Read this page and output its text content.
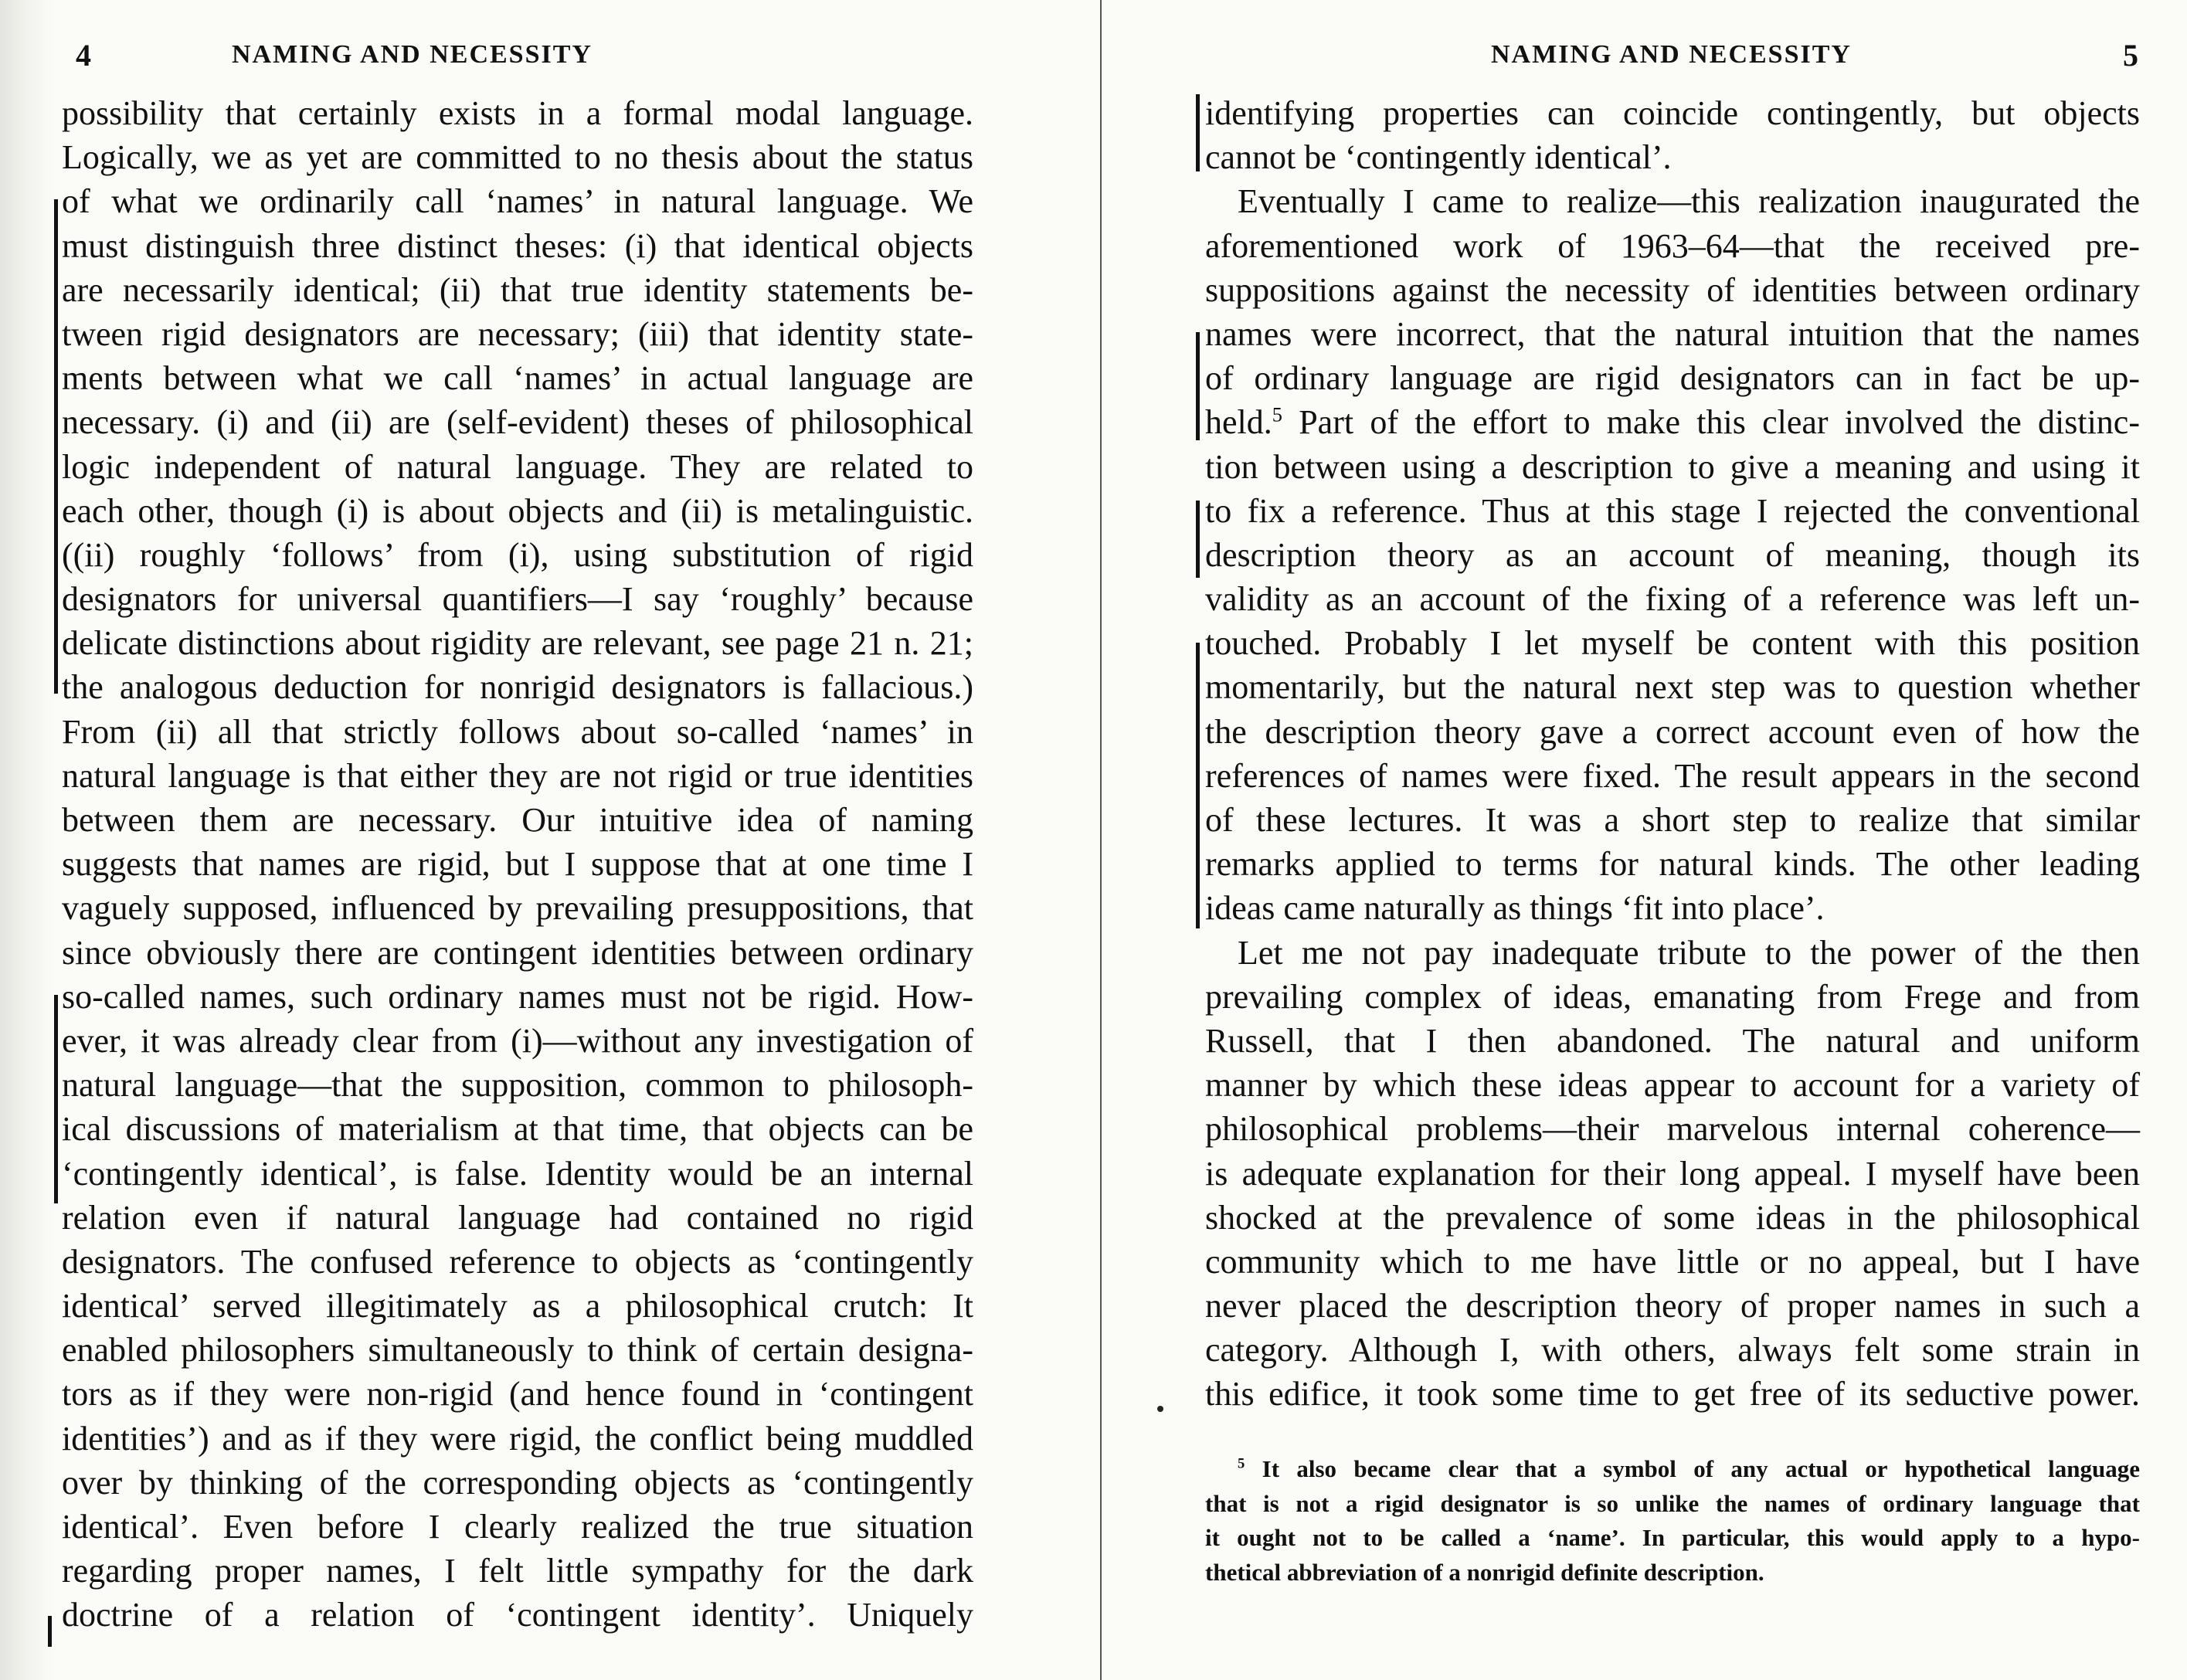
4	NAMING AND NECESSITY
possibility that certainly exists in a formal modal language.
Logically, we as yet are committed to no thesis about the status
of what we ordinarily call ‘names’ in natural language. We
must distinguish three distinct theses: (i) that identical objects
are necessarily identical; (ii) that true identity statements be-
tween rigid designators are necessary; (iii) that identity state-
ments between what we call ‘names’ in actual language are
necessary. (i) and (ii) are (self-evident) theses of philosophical
logic independent of natural language. They are related to
each other, though (i) is about objects and (ii) is metalinguistic.
((ii) roughly ‘follows’ from (i), using substitution of rigid
designators for universal quantifiers—I say ‘roughly’ because
delicate distinctions about rigidity are relevant, see page 21 n. 21;
the analogous deduction for nonrigid designators is fallacious.)
From (ii) all that strictly follows about so-called ‘names’ in
natural language is that either they are not rigid or true identities
between them are necessary. Our intuitive idea of naming
suggests that names are rigid, but I suppose that at one time I
vaguely supposed, influenced by prevailing presuppositions, that
since obviously there are contingent identities between ordinary
so-called names, such ordinary names must not be rigid. How-
ever, it was already clear from (i)—without any investigation of
natural language—that the supposition, common to philosoph-
ical discussions of materialism at that time, that objects can be
‘contingently identical’, is false. Identity would be an internal
relation even if natural language had contained no rigid
designators. The confused reference to objects as ‘contingently
identical’ served illegitimately as a philosophical crutch: It
enabled philosophers simultaneously to think of certain designa-
tors as if they were non-rigid (and hence found in ‘contingent
identities’) and as if they were rigid, the conflict being muddled
over by thinking of the corresponding objects as ‘contingently
identical’. Even before I clearly realized the true situation
regarding proper names, I felt little sympathy for the dark
doctrine of a relation of ‘contingent identity’. Uniquely
NAMING AND NECESSITY	5
identifying properties can coincide contingently, but objects
cannot be ‘contingently identical’.
Eventually I came to realize—this realization inaugurated the
aforementioned work of 1963–64—that the received pre-
suppositions against the necessity of identities between ordinary
names were incorrect, that the natural intuition that the names
of ordinary language are rigid designators can in fact be up-
held.$^5$ Part of the effort to make this clear involved the distinc-
tion between using a description to give a meaning and using it
to fix a reference. Thus at this stage I rejected the conventional
description theory as an account of meaning, though its
validity as an account of the fixing of a reference was left un-
touched. Probably I let myself be content with this position
momentarily, but the natural next step was to question whether
the description theory gave a correct account even of how the
references of names were fixed. The result appears in the second
of these lectures. It was a short step to realize that similar
remarks applied to terms for natural kinds. The other leading
ideas came naturally as things ‘fit into place’.
Let me not pay inadequate tribute to the power of the then
prevailing complex of ideas, emanating from Frege and from
Russell, that I then abandoned. The natural and uniform
manner by which these ideas appear to account for a variety of
philosophical problems—their marvelous internal coherence—
is adequate explanation for their long appeal. I myself have been
shocked at the prevalence of some ideas in the philosophical
community which to me have little or no appeal, but I have
never placed the description theory of proper names in such a
category. Although I, with others, always felt some strain in
this edifice, it took some time to get free of its seductive power.
$^5$ It also became clear that a symbol of any actual or hypothetical language
that is not a rigid designator is so unlike the names of ordinary language that
it ought not to be called a ‘name’. In particular, this would apply to a hypo-
thetical abbreviation of a nonrigid definite description.
